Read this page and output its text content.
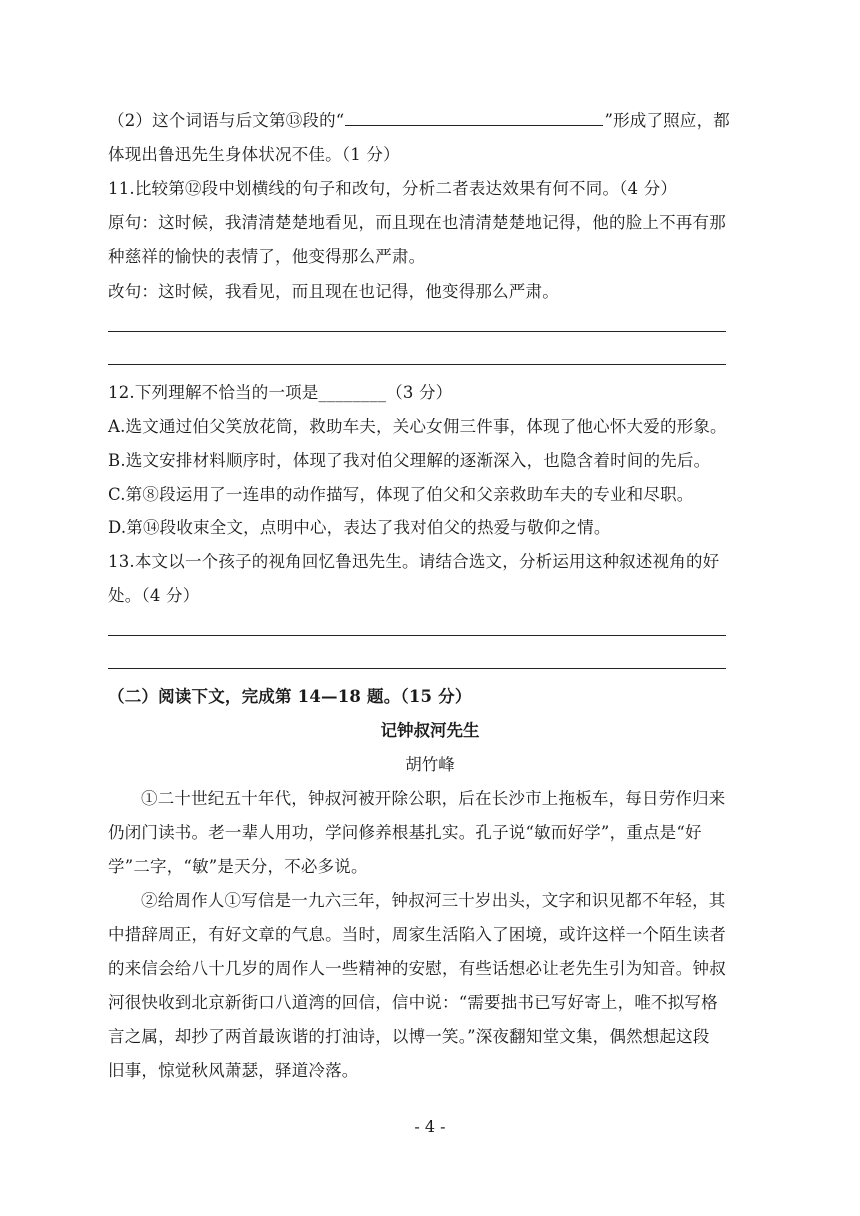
（2）这个词语与后文第⑬段的“	”形成了照应，都
体现出鲁迅先生身体状况不佳。（1 分）
11.比较第⑫段中划横线的句子和改句，分析二者表达效果有何不同。（4 分）
原句：这时候，我清清楚楚地看见，而且现在也清清楚楚地记得，他的脸上不再有那
种慈祥的愉快的表情了，他变得那么严肃。
改句：这时候，我看见，而且现在也记得，他变得那么严肃。
12.下列理解不恰当的一项是________（3 分）
A.选文通过伯父笑放花筒，救助车夫，关心女佣三件事，体现了他心怀大爱的形象。
B.选文安排材料顺序时，体现了我对伯父理解的逐渐深入，也隐含着时间的先后。
C.第⑧段运用了一连串的动作描写，体现了伯父和父亲救助车夫的专业和尽职。
D.第⑭段收束全文，点明中心，表达了我对伯父的热爱与敬仰之情。
13.本文以一个孩子的视角回忆鲁迅先生。请结合选文，分析运用这种叙述视角的好
处。（4 分）
（二）阅读下文，完成第 14—18 题。（15 分）
记钟叔河先生
胡竹峰
①二十世纪五十年代，钟叔河被开除公职，后在长沙市上拖板车，每日劳作归来
仍闭门读书。老一辈人用功，学问修养根基扎实。孔子说“敏而好学”，重点是“好
学”二字，“敏”是天分，不必多说。
②给周作人①写信是一九六三年，钟叔河三十岁出头，文字和识见都不年轻，其
中措辞周正，有好文章的气息。当时，周家生活陷入了困境，或许这样一个陌生读者
的来信会给八十几岁的周作人一些精神的安慰，有些话想必让老先生引为知音。钟叔
河很快收到北京新街口八道湾的回信，信中说：“需要拙书已写好寄上，唯不拟写格
言之属，却抄了两首最诙谐的打油诗，以博一笑。”深夜翻知堂文集，偶然想起这段
旧事，惊觉秋风萧瑟，驿道冷落。
- 4 -
